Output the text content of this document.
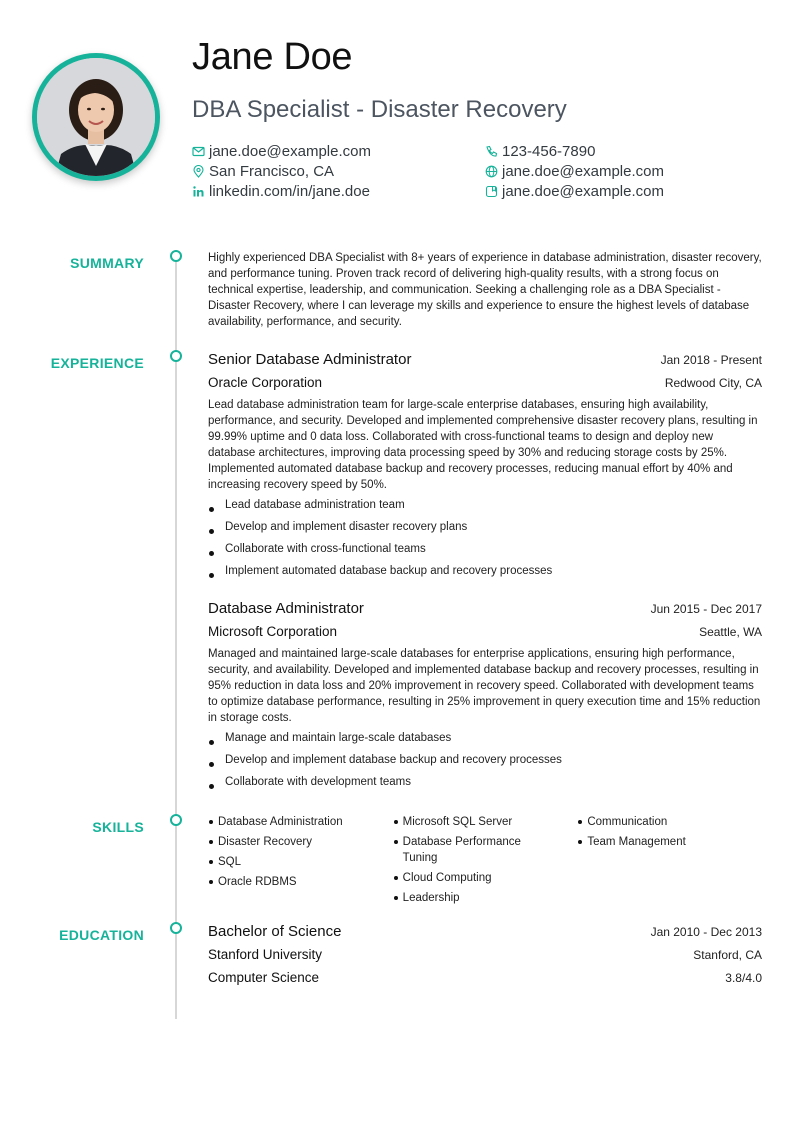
Jane Doe
DBA Specialist - Disaster Recovery
jane.doe@example.com	123-456-7890
San Francisco, CA	jane.doe@example.com
linkedin.com/in/jane.doe	jane.doe@example.com
SUMMARY	Highly experienced DBA Specialist with 8+ years of experience in database administration, disaster recovery, and performance tuning. Proven track record of delivering high-quality results, with a strong focus on technical expertise, leadership, and communication. Seeking a challenging role as a DBA Specialist - Disaster Recovery, where I can leverage my skills and experience to ensure the highest levels of database availability, performance, and security.

EXPERIENCE	Senior Database Administrator	Jan 2018 - Present
Oracle Corporation	Redwood City, CA

Lead database administration team for large-scale enterprise databases, ensuring high availability, performance, and security. Developed and implemented comprehensive disaster recovery plans, resulting in 99.99% uptime and 0 data loss. Collaborated with cross-functional teams to design and deploy new database architectures, improving data processing speed by 30% and reducing storage costs by 25%. Implemented automated database backup and recovery processes, reducing manual effort by 40% and increasing recovery speed by 50%.

Lead database administration team
Develop and implement disaster recovery plans
Collaborate with cross-functional teams
Implement automated database backup and recovery processes
Database Administrator	Jun 2015 - Dec 2017
Microsoft Corporation	Seattle, WA

Managed and maintained large-scale databases for enterprise applications, ensuring high performance, security, and availability. Developed and implemented database backup and recovery processes, resulting in 95% reduction in data loss and 20% improvement in recovery speed. Collaborated with development teams to optimize database performance, resulting in 25% improvement in query execution time and 15% reduction in storage costs.

Manage and maintain large-scale databases
Develop and implement database backup and recovery processes
Collaborate with development teams
SKILLS	Database Administration
Disaster Recovery
SQL
Oracle RDBMS
Microsoft SQL Server
Database Performance Tuning
Cloud Computing
Leadership
Communication
Team Management
EDUCATION	Bachelor of Science	Jan 2010 - Dec 2013
Stanford University	Stanford, CA
Computer Science	3.8/4.0
